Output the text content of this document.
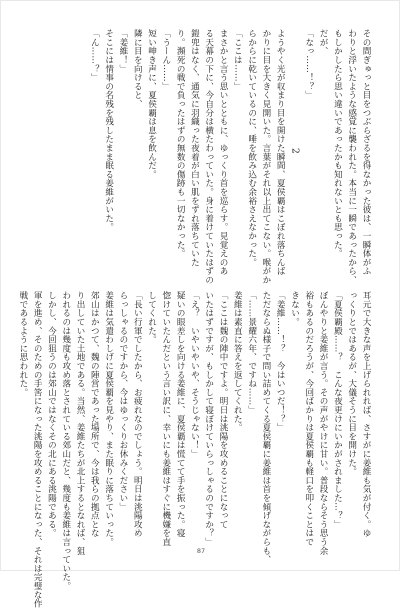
その間ぎゅっと目をつぶらざるを得なかった彼は、一瞬体がふ
わりと浮いたような感覚に襲われた。本当に一瞬であったから、
もしかしたら思い違いであったかも知れないとも思った。
だが、
「なっ……！？」
2
ようやく光が収まり目を開けた瞬間、夏侯覇はこぼれ落ちんば
かりに目を大きく見開いた。言葉がそれ以上出てこない。喉がか
らからに乾いているのに、唾を飲み込む余裕さえなかった。
「ここは……」
まさかと言う思いとともに、ゆっくり首を巡らす。見覚えのあ
る天幕の下に、今自分は横たわっていた。身に着けていたはずの
鎧兜はなく、通気に羽織った夜着が白い肌をずれ落ちていた
り。瀕死の戦で負ったはずの無数の傷跡も一切なかった。
「うーん……」
短い呻き声に、夏侯覇は息を飲んだ。
隣に目を向けると、
「姜維！」
そこには情事の名残を残したまま眠る姜維がいた。
「ん……？」
耳元で大きな声を上げられれば、さすがに姜維も気が付く。ゆ
っくりとではあるが、大儀そうに目を開けた。
「夏侯覇殿……？　こんな夜更けにいかがされました…？」
ぼんやりと姜維が言う。その声がやけに甘い。普段ならそう思う余
裕もあるのだろうが、今回ばかりは夏侯覇も軽口を叩くことはで
きない。
「姜維……！？　今はいつだ！？」
ただならぬ様子で問い詰めてくる夏侯覇に姜維は首を傾げながらも、
「……景耀六年、ですね……」
姜維は素直に答えを返してくれた。
「ここは魏の陣中ですよ。明日は洮陽を攻めることになって
いたはずですが、もしかして寝ぼけていらっしゃるのですか？」
「え？　いやいやいや、そうじゃない！」
疑いの眼差しを向ける姜維に、夏侯覇は慌てて手を振った。寝
惚けていたんだという言い訳に、幸いにも姜維はすぐに機嫌を直
してくれた。
「長い行軍でしたから、お疲れなのでしょう。明日は洮陽攻め
らっしゃるのですから、今はゆっくりお休みください」
姜維は気遣わしげに夏侯覇を見やり、また眠りに落ちていった。
郊山はかつて、魏の陣営であった場所で、今は我らの拠点とな
り出していた土地である。当然、姜維たちが北上するとなれば、狙
われるのは幾度も攻め落とされている郊山だと、幾度も姜維は言っていた。
しかし、今回狙うのは郊山ではなくその北にある洮陽である。
軍を進め、そのための手筈になった洮陽を攻めることになった、それは完璧な作
戦であるように思われた。
87
